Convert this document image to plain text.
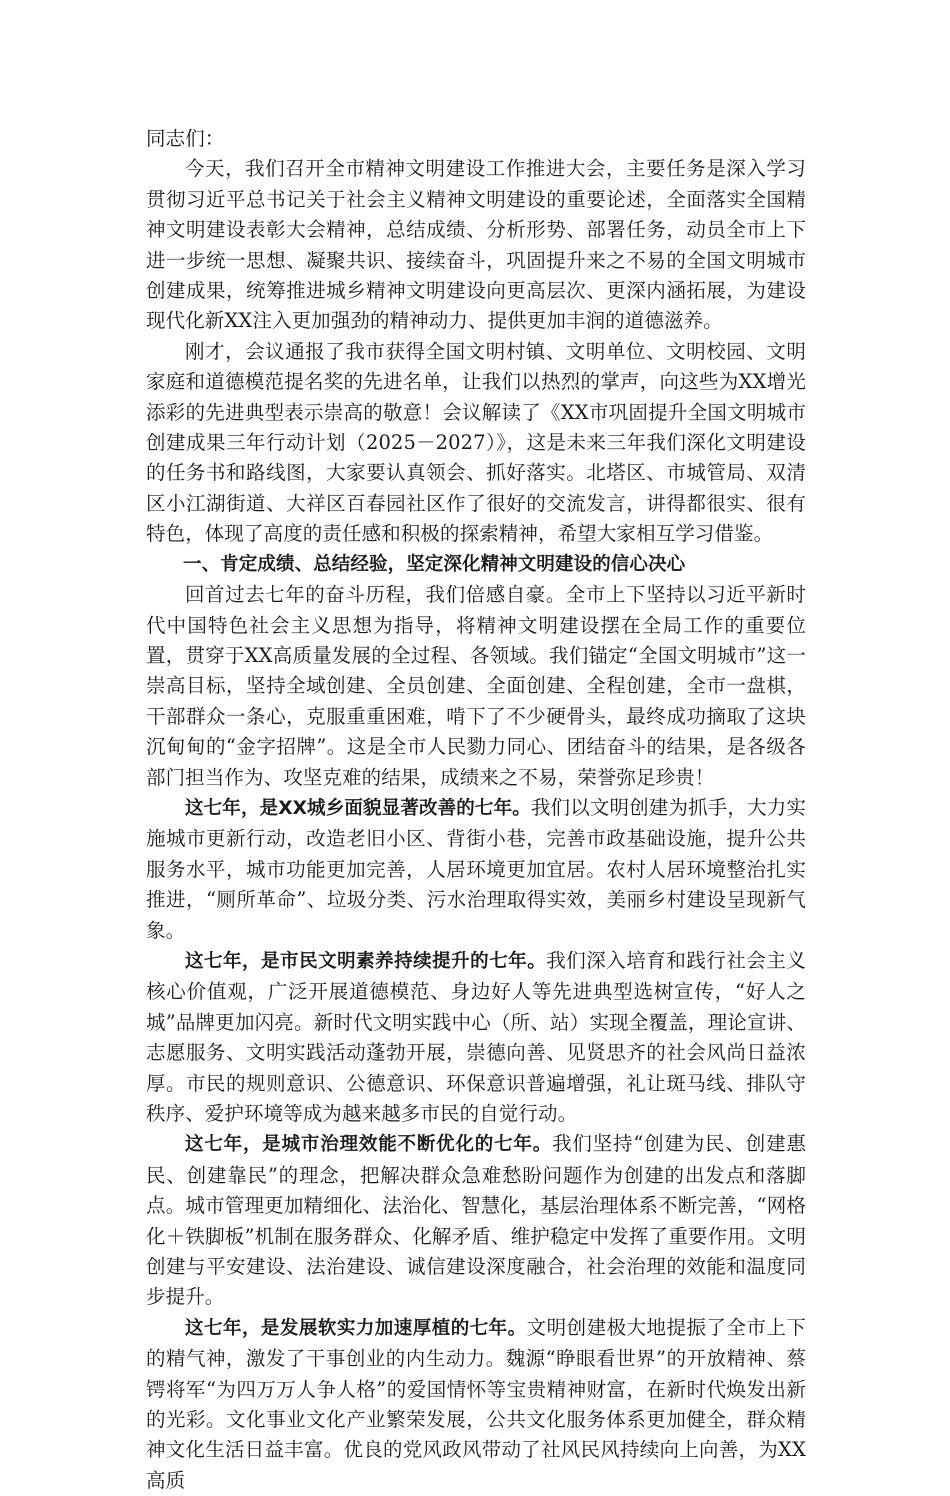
同志们：

今天，我们召开全市精神文明建设工作推进大会，主要任务是深入学习贯彻习近平总书记关于社会主义精神文明建设的重要论述，全面落实全国精神文明建设表彰大会精神，总结成绩、分析形势、部署任务，动员全市上下进一步统一思想、凝聚共识、接续奋斗，巩固提升来之不易的全国文明城市创建成果，统筹推进城乡精神文明建设向更高层次、更深内涵拓展，为建设现代化新XX注入更加强劲的精神动力、提供更加丰润的道德滋养。

刚才，会议通报了我市获得全国文明村镇、文明单位、文明校园、文明家庭和道德模范提名奖的先进名单，让我们以热烈的掌声，向这些为XX增光添彩的先进典型表示崇高的敬意！会议解读了《XX市巩固提升全国文明城市创建成果三年行动计划（2025－2027）》，这是未来三年我们深化文明建设的任务书和路线图，大家要认真领会、抓好落实。北塔区、市城管局、双清区小江湖街道、大祥区百春园社区作了很好的交流发言，讲得都很实、很有特色，体现了高度的责任感和积极的探索精神，希望大家相互学习借鉴。

一、肯定成绩、总结经验，坚定深化精神文明建设的信心决心

回首过去七年的奋斗历程，我们倍感自豪。全市上下坚持以习近平新时代中国特色社会主义思想为指导，将精神文明建设摆在全局工作的重要位置，贯穿于XX高质量发展的全过程、各领域。我们锚定“全国文明城市”这一崇高目标，坚持全域创建、全员创建、全面创建、全程创建，全市一盘棋，干部群众一条心，克服重重困难，啃下了不少硬骨头，最终成功摘取了这块沉甸甸的“金字招牌”。这是全市人民勠力同心、团结奋斗的结果，是各级各部门担当作为、攻坚克难的结果，成绩来之不易，荣誉弥足珍贵！

这七年，是XX城乡面貌显著改善的七年。我们以文明创建为抓手，大力实施城市更新行动，改造老旧小区、背街小巷，完善市政基础设施，提升公共服务水平，城市功能更加完善，人居环境更加宜居。农村人居环境整治扎实推进，“厕所革命”、垃圾分类、污水治理取得实效，美丽乡村建设呈现新气象。

这七年，是市民文明素养持续提升的七年。我们深入培育和践行社会主义核心价值观，广泛开展道德模范、身边好人等先进典型选树宣传，“好人之城”品牌更加闪亮。新时代文明实践中心（所、站）实现全覆盖，理论宣讲、志愿服务、文明实践活动蓬勃开展，崇德向善、见贤思齐的社会风尚日益浓厚。市民的规则意识、公德意识、环保意识普遍增强，礼让斑马线、排队守秩序、爱护环境等成为越来越多市民的自觉行动。

这七年，是城市治理效能不断优化的七年。我们坚持“创建为民、创建惠民、创建靠民”的理念，把解决群众急难愁盼问题作为创建的出发点和落脚点。城市管理更加精细化、法治化、智慧化，基层治理体系不断完善，“网格化＋铁脚板”机制在服务群众、化解矛盾、维护稳定中发挥了重要作用。文明创建与平安建设、法治建设、诚信建设深度融合，社会治理的效能和温度同步提升。

这七年，是发展软实力加速厚植的七年。文明创建极大地提振了全市上下的精气神，激发了干事创业的内生动力。魏源“睁眼看世界”的开放精神、蔡锷将军“为四万万人争人格”的爱国情怀等宝贵精神财富，在新时代焕发出新的光彩。文化事业文化产业繁荣发展，公共文化服务体系更加健全，群众精神文化生活日益丰富。优良的党风政风带动了社风民风持续向上向善，为XX高质
